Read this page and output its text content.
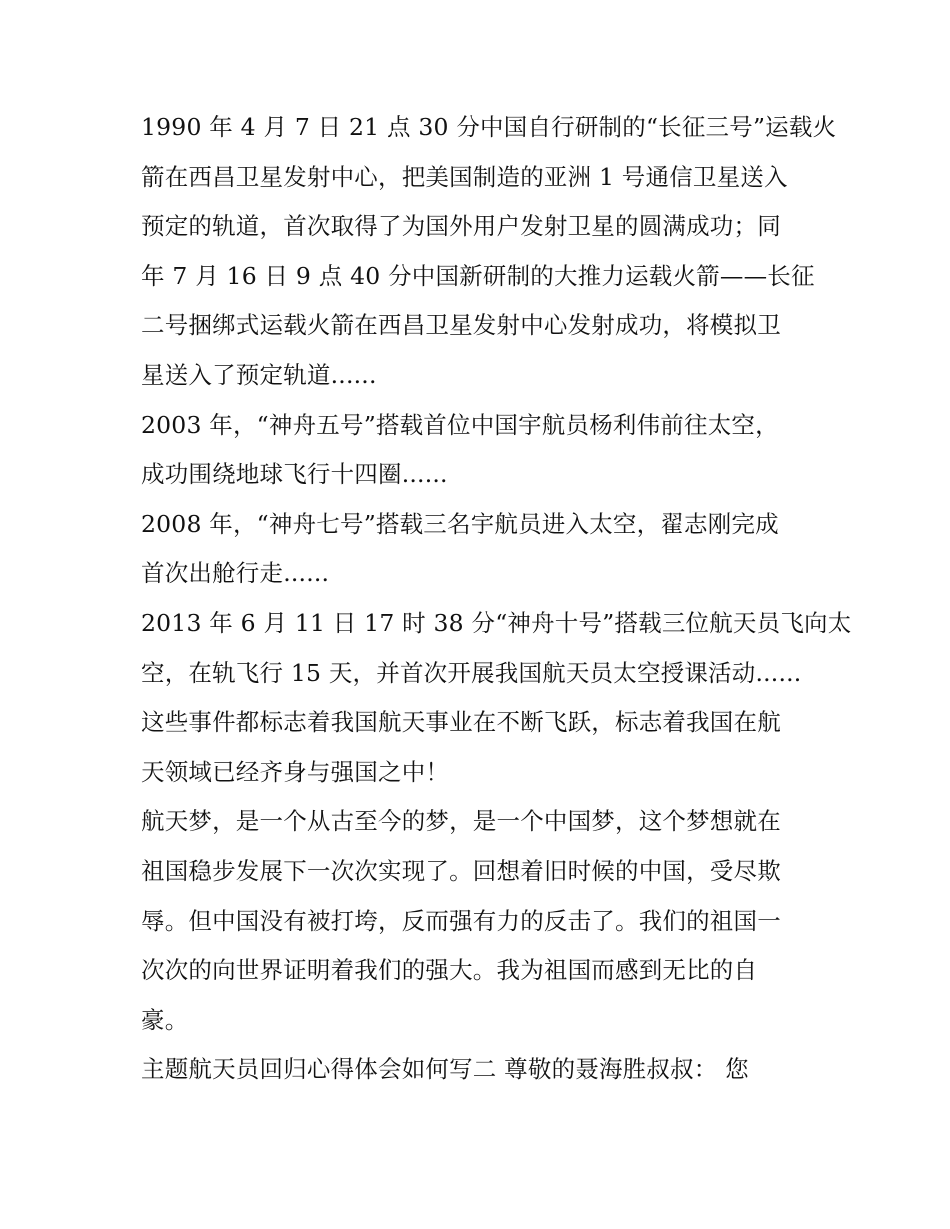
1990 年 4 月 7 日 21 点 30 分中国自行研制的“长征三号”运载火
箭在西昌卫星发射中心，把美国制造的亚洲 1 号通信卫星送入
预定的轨道，首次取得了为国外用户发射卫星的圆满成功；同
年 7 月 16 日 9 点 40 分中国新研制的大推力运载火箭——长征
二号捆绑式运载火箭在西昌卫星发射中心发射成功，将模拟卫
星送入了预定轨道......
2003 年，“神舟五号”搭载首位中国宇航员杨利伟前往太空，
成功围绕地球飞行十四圈......
2008 年，“神舟七号”搭载三名宇航员进入太空，翟志刚完成
首次出舱行走......
2013 年 6 月 11 日 17 时 38 分“神舟十号”搭载三位航天员飞向太
空，在轨飞行 15 天，并首次开展我国航天员太空授课活动......
这些事件都标志着我国航天事业在不断飞跃，标志着我国在航
天领域已经齐身与强国之中！
航天梦，是一个从古至今的梦，是一个中国梦，这个梦想就在
祖国稳步发展下一次次实现了。回想着旧时候的中国，受尽欺
辱。但中国没有被打垮，反而强有力的反击了。我们的祖国一
次次的向世界证明着我们的强大。我为祖国而感到无比的自
豪。
主题航天员回归心得体会如何写二 尊敬的聂海胜叔叔： 您
